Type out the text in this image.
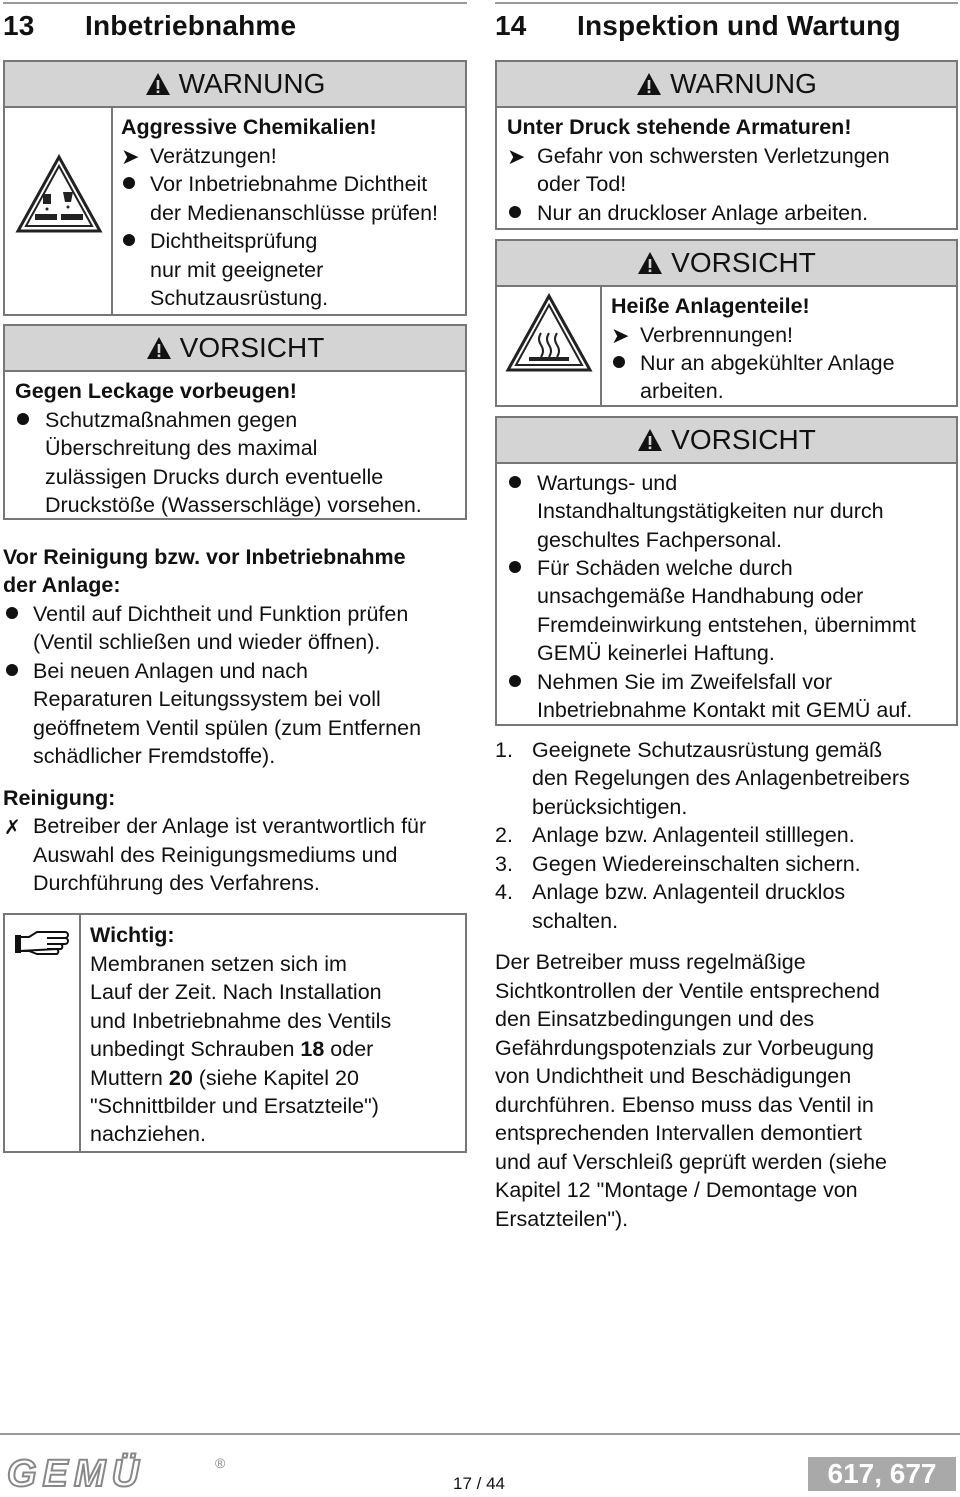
13 Inbetriebnahme
WARNUNG
Aggressive Chemikalien!
➤ Verätzungen!
Vor Inbetriebnahme Dichtheit
der Medienanschlüsse prüfen!
Dichtheitsprüfung
nur mit geeigneter
Schutzausrüstung.
VORSICHT
Gegen Leckage vorbeugen!
Schutzmaßnahmen gegen
Überschreitung des maximal
zulässigen Drucks durch eventuelle
Druckstöße (Wasserschläge) vorsehen.
Vor Reinigung bzw. vor Inbetriebnahme
der Anlage:
Ventil auf Dichtheit und Funktion prüfen
(Ventil schließen und wieder öffnen).
Bei neuen Anlagen und nach
Reparaturen Leitungssystem bei voll
geöffnetem Ventil spülen (zum Entfernen
schädlicher Fremdstoffe).
Reinigung:
✗ Betreiber der Anlage ist verantwortlich für
Auswahl des Reinigungsmediums und
Durchführung des Verfahrens.
Wichtig:
Membranen setzen sich im
Lauf der Zeit. Nach Installation
und Inbetriebnahme des Ventils
unbedingt Schrauben 18 oder
Muttern 20 (siehe Kapitel 20
"Schnittbilder und Ersatzteile")
nachziehen.
14 Inspektion und Wartung
WARNUNG
Unter Druck stehende Armaturen!
➤ Gefahr von schwersten Verletzungen
oder Tod!
Nur an druckloser Anlage arbeiten.
VORSICHT
Heiße Anlagenteile!
➤ Verbrennungen!
Nur an abgekühlter Anlage
arbeiten.
VORSICHT
Wartungs- und
Instandhaltungstätigkeiten nur durch
geschultes Fachpersonal.
Für Schäden welche durch
unsachgemäße Handhabung oder
Fremdeinwirkung entstehen, übernimmt
GEMÜ keinerlei Haftung.
Nehmen Sie im Zweifelsfall vor
Inbetriebnahme Kontakt mit GEMÜ auf.
1. Geeignete Schutzausrüstung gemäß
den Regelungen des Anlagenbetreibers
berücksichtigen.
2. Anlage bzw. Anlagenteil stilllegen.
3. Gegen Wiedereinschalten sichern.
4. Anlage bzw. Anlagenteil drucklos
schalten.
Der Betreiber muss regelmäßige
Sichtkontrollen der Ventile entsprechend
den Einsatzbedingungen und des
Gefährdungspotenzials zur Vorbeugung
von Undichtheit und Beschädigungen
durchführen. Ebenso muss das Ventil in
entsprechenden Intervallen demontiert
und auf Verschleiß geprüft werden (siehe
Kapitel 12 "Montage / Demontage von
Ersatzteilen").
GEMÜ	®
17 / 44	617, 677
